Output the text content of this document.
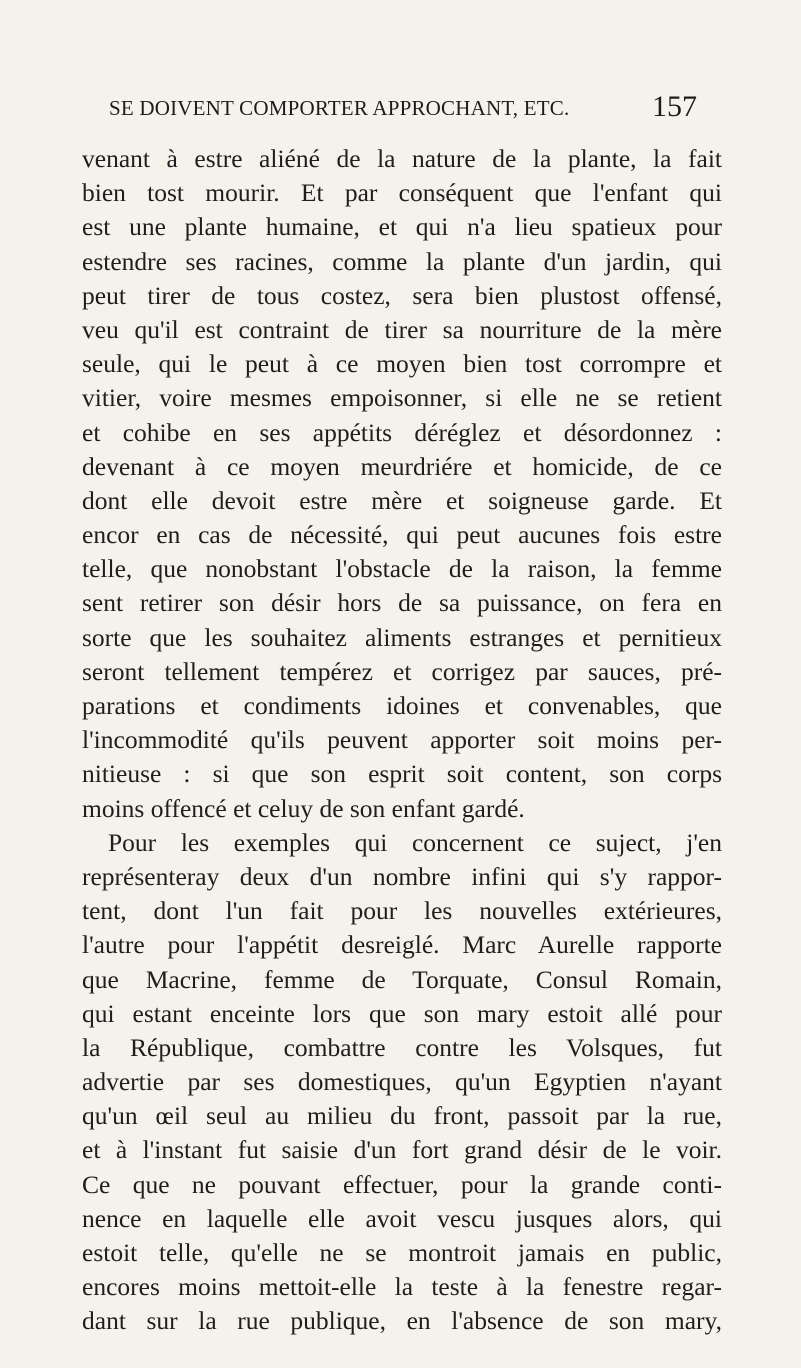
SE DOIVENT COMPORTER APPROCHANT, ETC.	157
venant à estre aliéné de la nature de la plante, la fait
bien tost mourir. Et par conséquent que l'enfant qui
est une plante humaine, et qui n'a lieu spatieux pour
estendre ses racines, comme la plante d'un jardin, qui
peut tirer de tous costez, sera bien plustost offensé,
veu qu'il est contraint de tirer sa nourriture de la mère
seule, qui le peut à ce moyen bien tost corrompre et
vitier, voire mesmes empoisonner, si elle ne se retient
et cohibe en ses appétits déréglez et désordonnez :
devenant à ce moyen meurdriére et homicide, de ce
dont elle devoit estre mère et soigneuse garde. Et
encor en cas de nécessité, qui peut aucunes fois estre
telle, que nonobstant l'obstacle de la raison, la femme
sent retirer son désir hors de sa puissance, on fera en
sorte que les souhaitez aliments estranges et pernitieux
seront tellement tempérez et corrigez par sauces, pré-
parations et condiments idoines et convenables, que
l'incommodité qu'ils peuvent apporter soit moins per-
nitieuse : si que son esprit soit content, son corps
moins offencé et celuy de son enfant gardé.
Pour les exemples qui concernent ce suject, j'en
représenteray deux d'un nombre infini qui s'y rappor-
tent, dont l'un fait pour les nouvelles extérieures,
l'autre pour l'appétit desreiglé. Marc Aurelle rapporte
que Macrine, femme de Torquate, Consul Romain,
qui estant enceinte lors que son mary estoit allé pour
la République, combattre contre les Volsques, fut
advertie par ses domestiques, qu'un Egyptien n'ayant
qu'un œil seul au milieu du front, passoit par la rue,
et à l'instant fut saisie d'un fort grand désir de le voir.
Ce que ne pouvant effectuer, pour la grande conti-
nence en laquelle elle avoit vescu jusques alors, qui
estoit telle, qu'elle ne se montroit jamais en public,
encores moins mettoit-elle la teste à la fenestre regar-
dant sur la rue publique, en l'absence de son mary,
